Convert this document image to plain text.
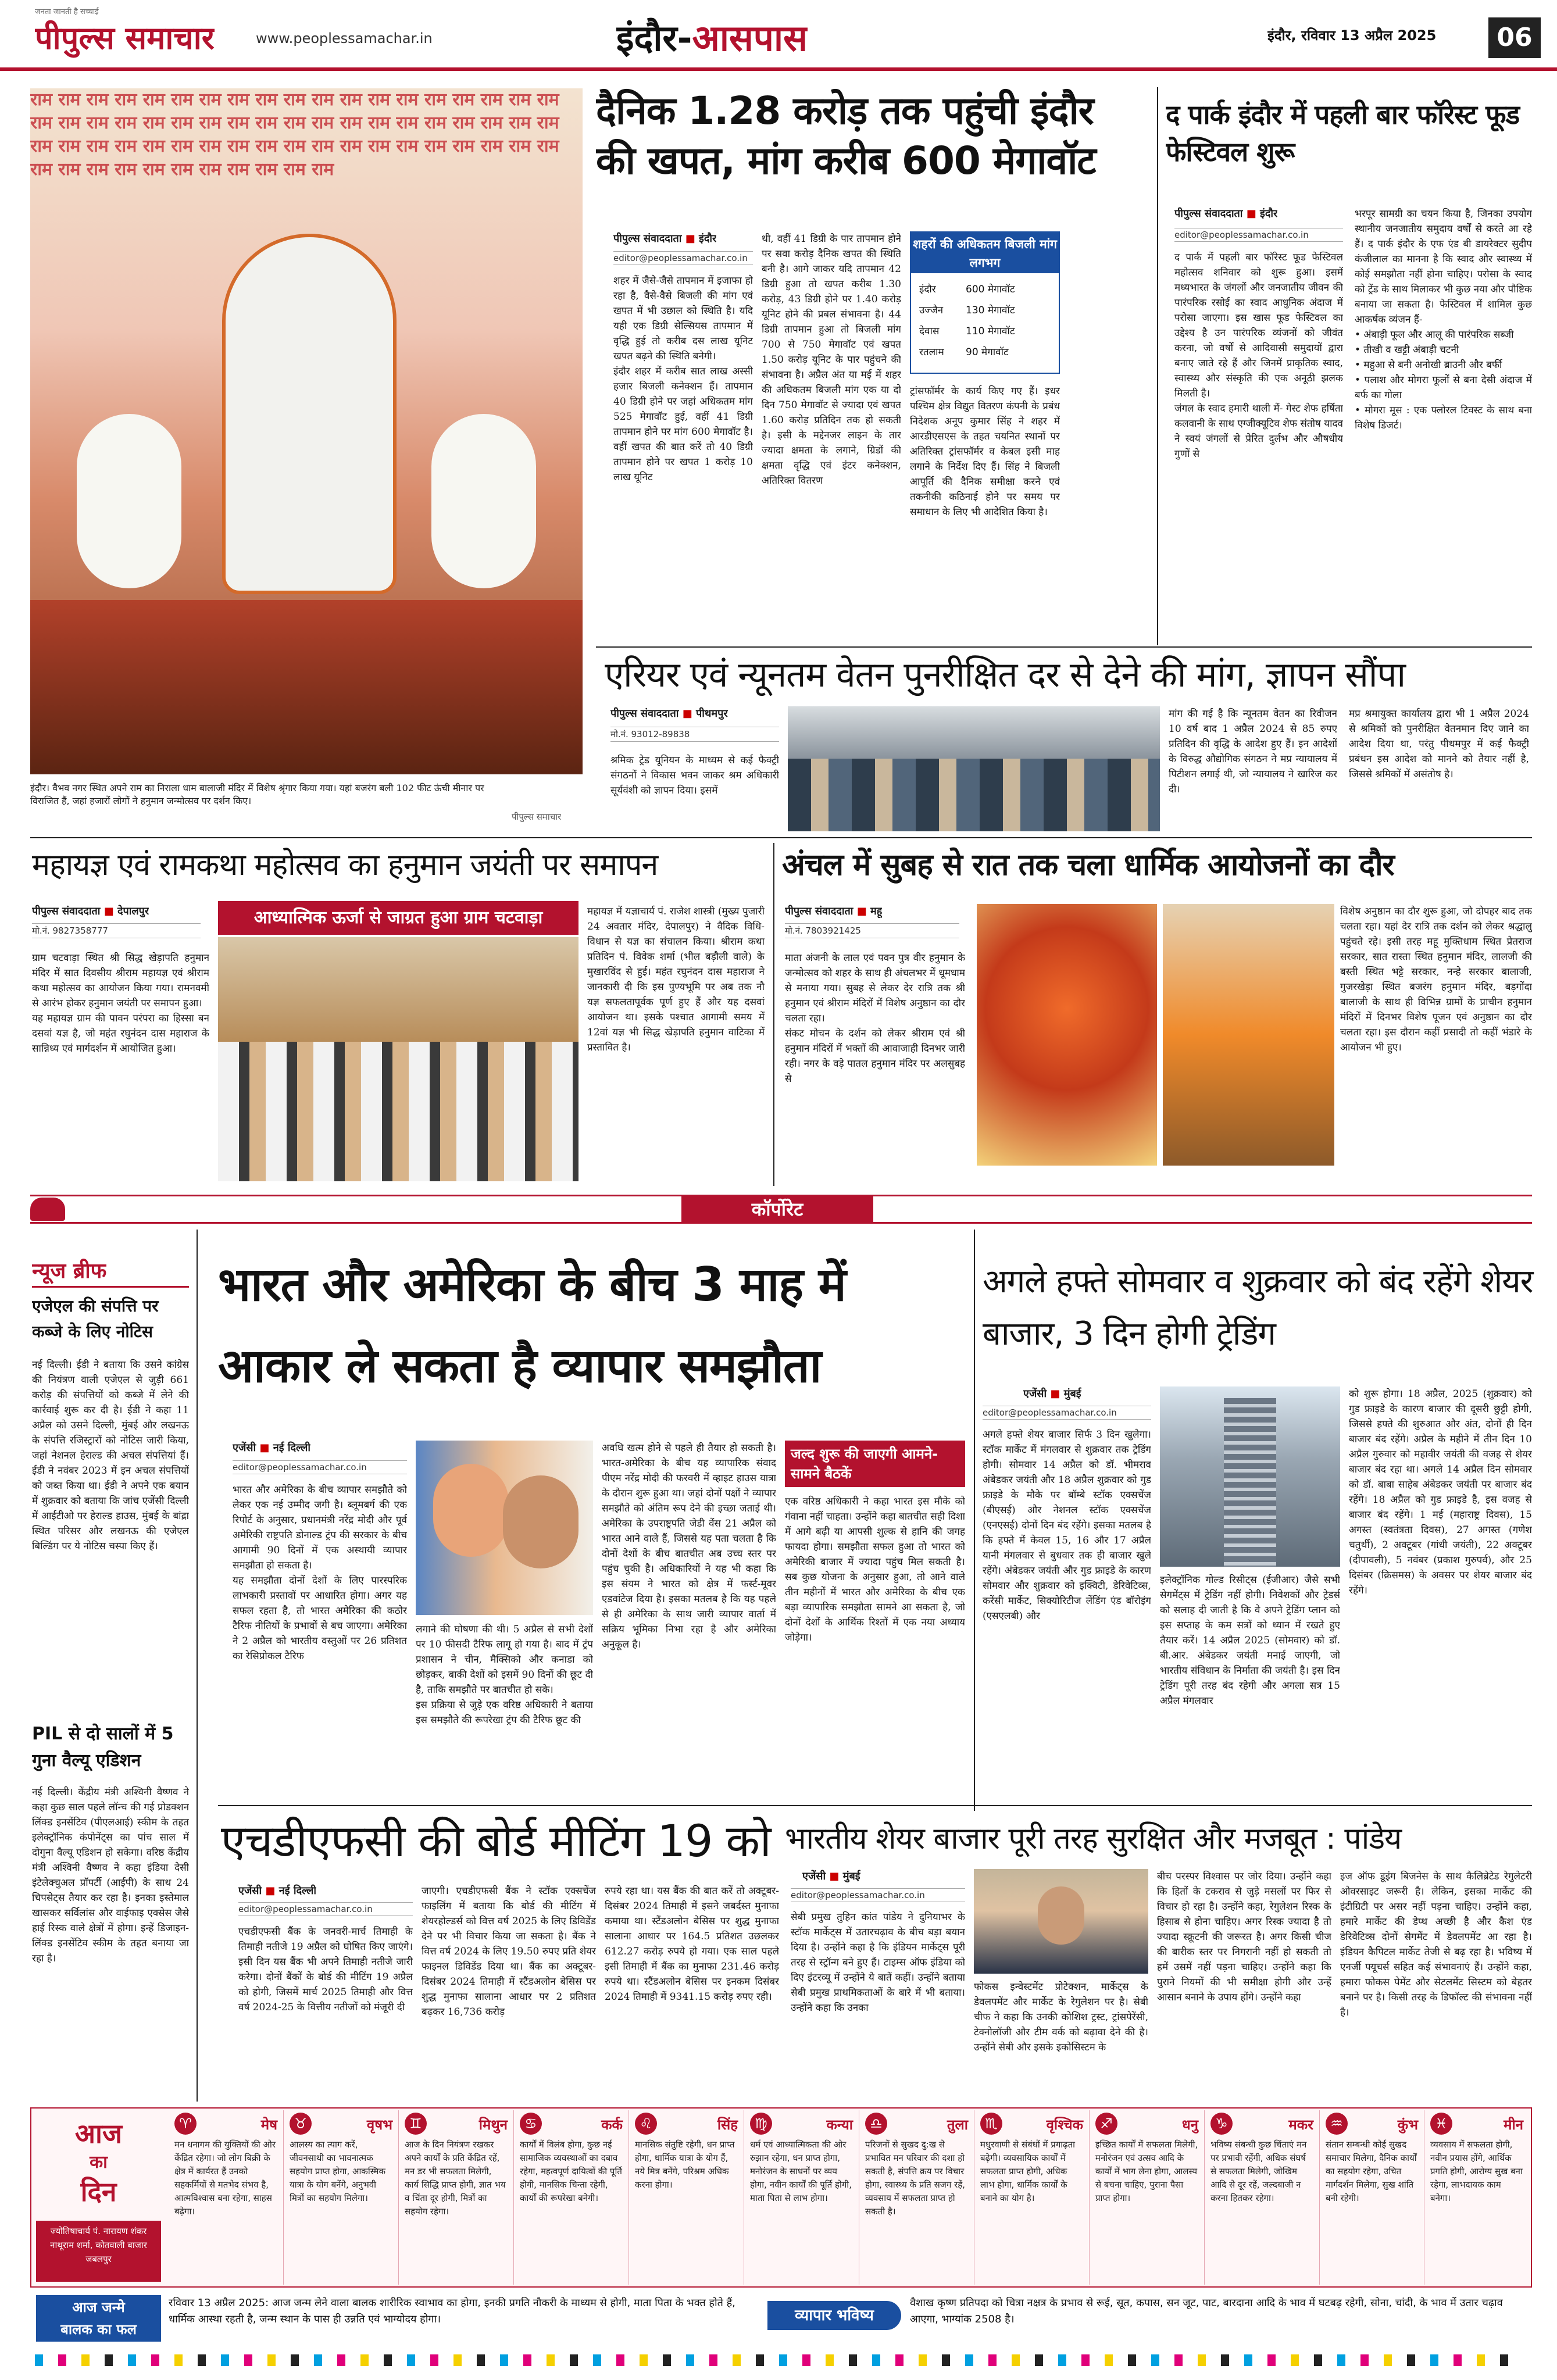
जनता जानती है सच्चाई
पीपुल्स समाचार	www.peoplessamachar.in	इंदौर-आसपास	इंदौर, रविवार 13 अप्रैल 2025	06
राम राम राम राम राम राम राम राम राम राम राम राम राम राम राम राम राम राम राम राम राम राम राम राम राम राम राम राम राम राम राम राम राम राम राम राम राम राम राम राम राम राम राम राम राम राम राम राम राम राम राम राम राम राम राम राम राम राम राम राम राम राम राम राम राम राम राम राम
इंदौर। वैभव नगर स्थित अपने राम का निराला धाम बालाजी मंदिर में विशेष श्रृंगार किया गया। यहां बजरंग बली 102 फीट ऊंची मीनार पर विराजित हैं, जहां हजारों लोगों ने हनुमान जन्मोत्सव पर दर्शन किए।
पीपुल्स समाचार
दैनिक 1.28 करोड़ तक पहुंची इंदौर की खपत, मांग करीब 600 मेगावॉट
पीपुल्स संवाददाता ■ इंदौर
editor@peoplessamachar.co.in
शहर में जैसे-जैसे तापमान में इजाफा हो रहा है, वैसे-वैसे बिजली की मांग एवं खपत में भी उछाल को स्थिति है। यदि यही एक डिग्री सेल्सियस तापमान में वृद्धि हुई तो करीब दस लाख यूनिट खपत बढ़ने की स्थिति बनेगी।
इंदौर शहर में करीब सात लाख अस्सी हजार बिजली कनेक्शन हैं। तापमान 40 डिग्री होने पर जहां अधिकतम मांग 525 मेगावॉट हुई, वहीं 41 डिग्री तापमान होने पर मांग 600 मेगावॉट है। वहीं खपत की बात करें तो 40 डिग्री तापमान होने पर खपत 1 करोड़ 10 लाख यूनिट
थी, वहीं 41 डिग्री के पार तापमान होने पर सवा करोड़ दैनिक खपत की स्थिति बनी है। आगे जाकर यदि तापमान 42 डिग्री हुआ तो खपत करीब 1.30 करोड़, 43 डिग्री होने पर 1.40 करोड़ यूनिट होने की प्रबल संभावना है। 44 डिग्री तापमान हुआ तो बिजली मांग 700 से 750 मेगावॉट एवं खपत 1.50 करोड़ यूनिट के पार पहुंचने की संभावना है। अप्रैल अंत या मई में शहर की अधिकतम बिजली मांग एक या दो दिन 750 मेगावॉट से ज्यादा एवं खपत 1.60 करोड़ प्रतिदिन तक हो सकती है। इसी के मद्देनजर लाइन के तार ज्यादा क्षमता के लगाने, ग्रिडों की क्षमता वृद्धि एवं इंटर कनेक्शन, अतिरिक्त वितरण
शहरों की अधिकतम बिजली मांग लगभग
इंदौर	600 मेगावॉट
उज्जैन 130 मेगावॉट
देवास	110 मेगावॉट
रतलाम 90 मेगावॉट
ट्रांसफॉर्मर के कार्य किए गए हैं। इधर पश्चिम क्षेत्र विद्युत वितरण कंपनी के प्रबंध निदेशक अनूप कुमार सिंह ने शहर में आरडीएसएस के तहत चयनित स्थानों पर अतिरिक्त ट्रांसफॉर्मर व केबल इसी माह लगाने के निर्देश दिए हैं। सिंह ने बिजली आपूर्ति की दैनिक समीक्षा करने एवं तकनीकी कठिनाई होने पर समय पर समाधान के लिए भी आदेशित किया है।
द पार्क इंदौर में पहली बार फॉरेस्ट फूड फेस्टिवल शुरू
पीपुल्स संवाददाता ■ इंदौर
editor@peoplessamachar.co.in
द पार्क में पहली बार फॉरेस्ट फूड फेस्टिवल महोत्सव शनिवार को शुरू हुआ। इसमें मध्यभारत के जंगलों और जनजातीय जीवन की पारंपरिक रसोई का स्वाद आधुनिक अंदाज में परोसा जाएगा। इस खास फूड फेस्टिवल का उद्देश्य है उन पारंपरिक व्यंजनों को जीवंत करना, जो वर्षों से आदिवासी समुदायों द्वारा बनाए जाते रहे हैं और जिनमें प्राकृतिक स्वाद, स्वास्थ्य और संस्कृति की एक अनूठी झलक मिलती है।
जंगल के स्वाद हमारी थाली में- गेस्ट शेफ हर्षिता कलवानी के साथ एग्जीक्यूटिव शेफ संतोष यादव ने स्वयं जंगलों से प्रेरित दुर्लभ और औषधीय गुणों से
भरपूर सामग्री का चयन किया है, जिनका उपयोग स्थानीय जनजातीय समुदाय वर्षों से करते आ रहे हैं। द पार्क इंदौर के एफ एंड बी डायरेक्टर सुदीप कंजीलाल का मानना है कि स्वाद और स्वास्थ्य में कोई समझौता नहीं होना चाहिए। परोसा के स्वाद को ट्रेंड के साथ मिलाकर भी कुछ नया और पौष्टिक बनाया जा सकता है। फेस्टिवल में शामिल कुछ आकर्षक व्यंजन हैं-
• अंबाड़ी फूल और आलू की पारंपरिक सब्जी
• तीखी व खट्टी अंबाड़ी चटनी
• महुआ से बनी अनोखी ब्राउनी और बर्फी
• पलाश और मोगरा फूलों से बना देसी अंदाज में बर्फ का गोला
• मोगरा मूस : एक फ्लोरल टिवस्ट के साथ बना विशेष डिजर्ट।
एरियर एवं न्यूनतम वेतन पुनरीक्षित दर से देने की मांग, ज्ञापन सौंपा
पीपुल्स संवाददाता ■ पीथमपुर
मो.नं. 93012-89838
श्रमिक ट्रेड यूनियन के माध्यम से कई फैक्ट्री संगठनों ने विकास भवन जाकर श्रम अधिकारी सूर्यवंशी को ज्ञापन दिया। इसमें
मांग की गई है कि न्यूनतम वेतन का रिवीजन 10 वर्ष बाद 1 अप्रैल 2024 से 85 रुपए प्रतिदिन की वृद्धि के आदेश हुए हैं। इन आदेशों के विरुद्ध औद्योगिक संगठन ने मप्र न्यायालय में पिटीशन लगाई थी, जो न्यायालय ने खारिज कर दी।
मप्र श्रमायुक्त कार्यालय द्वारा भी 1 अप्रैल 2024 से श्रमिकों को पुनरीक्षित वेतनमान दिए जाने का आदेश दिया था, परंतु पीथमपुर में कई फैक्ट्री प्रबंधन इस आदेश को मानने को तैयार नहीं है, जिससे श्रमिकों में असंतोष है।
महायज्ञ एवं रामकथा महोत्सव का हनुमान जयंती पर समापन
पीपुल्स संवाददाता ■ देपालपुर
मो.नं. 9827358777
ग्राम चटवाड़ा स्थित श्री सिद्ध खेड़ापति हनुमान मंदिर में सात दिवसीय श्रीराम महायज्ञ एवं श्रीराम कथा महोत्सव का आयोजन किया गया। रामनवमी से आरंभ होकर हनुमान जयंती पर समापन हुआ।
यह महायज्ञ ग्राम की पावन परंपरा का हिस्सा बन दसवां यज्ञ है, जो महंत रघुनंदन दास महाराज के सान्निध्य एवं मार्गदर्शन में आयोजित हुआ।
आध्यात्मिक ऊर्जा से जाग्रत हुआ ग्राम चटवाड़ा	महायज्ञ में यज्ञाचार्य पं. राजेश शास्त्री (मुख्य पुजारी 24 अवतार मंदिर, देपालपुर) ने वैदिक विधि-विधान से यज्ञ का संचालन किया। श्रीराम कथा प्रतिदिन पं. विवेक शर्मा (भील बड़ौली वाले) के मुखारविंद से हुई। महंत रघुनंदन दास महाराज ने जानकारी दी कि इस पुण्यभूमि पर अब तक नौ यज्ञ सफलतापूर्वक पूर्ण हुए हैं और यह दसवां आयोजन था। इसके पश्चात आगामी समय में 12वां यज्ञ भी सिद्ध खेड़ापति हनुमान वाटिका में प्रस्तावित है।
अंचल में सुबह से रात तक चला धार्मिक आयोजनों का दौर
पीपुल्स संवाददाता ■ महू
मो.नं. 7803921425
माता अंजनी के लाल एवं पवन पुत्र वीर हनुमान के जन्मोत्सव को शहर के साथ ही अंचलभर में धूमधाम से मनाया गया। सुबह से लेकर देर रात्रि तक श्री हनुमान एवं श्रीराम मंदिरों में विशेष अनुष्ठान का दौर चलता रहा।
संकट मोचन के दर्शन को लेकर श्रीराम एवं श्री हनुमान मंदिरों में भक्तों की आवाजाही दिनभर जारी रही। नगर के वड़े पातल हनुमान मंदिर पर अलसुबह से
विशेष अनुष्ठान का दौर शुरू हुआ, जो दोपहर बाद तक चलता रहा। यहां देर रात्रि तक दर्शन को लेकर श्रद्धालु पहुंचते रहे। इसी तरह महू मुक्तिधाम स्थित प्रेतराज सरकार, सात रास्ता स्थित हनुमान मंदिर, लालजी की बस्ती स्थित भट्टे सरकार, नन्हे सरकार बालाजी, गुजरखेड़ा स्थित बजरंग हनुमान मंदिर, बड़गोंदा बालाजी के साथ ही विभिन्न ग्रामों के प्राचीन हनुमान मंदिरों में दिनभर विशेष पूजन एवं अनुष्ठान का दौर चलता रहा। इस दौरान कहीं प्रसादी तो कहीं भंडारे के आयोजन भी हुए।
कॉर्पोरेट
न्यूज ब्रीफ
एजेएल की संपत्ति पर कब्जे के लिए नोटिस
नई दिल्ली। ईडी ने बताया कि उसने कांग्रेस की नियंत्रण वाली एजेएल से जुड़ी 661 करोड़ की संपत्तियों को कब्जे में लेने की कार्रवाई शुरू कर दी है। ईडी ने कहा 11 अप्रैल को उसने दिल्ली, मुंबई और लखनऊ के संपत्ति रजिस्ट्रारों को नोटिस जारी किया, जहां नेशनल हेराल्ड की अचल संपत्तियां हैं। ईडी ने नवंबर 2023 में इन अचल संपत्तियों को जब्त किया था। ईडी ने अपने एक बयान में शुक्रवार को बताया कि जांच एजेंसी दिल्ली में आईटीओ पर हेराल्ड हाउस, मुंबई के बांद्रा स्थित परिसर और लखनऊ की एजेएल बिल्डिंग पर ये नोटिस चस्पा किए हैं।
PIL से दो सालों में 5 गुना वैल्यू एडिशन
नई दिल्ली। केंद्रीय मंत्री अश्विनी वैष्णव ने कहा कुछ साल पहले लॉन्च की गई प्रोडक्शन लिंक्ड इनसेंटिव (पीएलआई) स्कीम के तहत इलेक्ट्रॉनिक कंपोनेंट्स का पांच साल में दोगुना वैल्यू एडिशन हो सकेगा। वरिष्ठ केंद्रीय मंत्री अश्विनी वैष्णव ने कहा इंडिया देसी इंटेलेक्चुअल प्रॉपर्टी (आईपी) के साथ 24 चिपसेट्स तैयार कर रहा है। इनका इस्तेमाल खासकर सर्विलांस और वाईफाइ एक्सेस जैसे हाई रिस्क वाले क्षेत्रों में होगा। इन्हें डिजाइन-लिंक्ड इनसेंटिव स्कीम के तहत बनाया जा रहा है।
भारत और अमेरिका के बीच 3 माह में आकार ले सकता है व्यापार समझौता
एजेंसी ■ नई दिल्ली
editor@peoplessamachar.co.in
भारत और अमेरिका के बीच व्यापार समझौते को लेकर एक नई उम्मीद जगी है। ब्लूमबर्ग की एक रिपोर्ट के अनुसार, प्रधानमंत्री नरेंद्र मोदी और पूर्व अमेरिकी राष्ट्रपति डोनाल्ड ट्रंप की सरकार के बीच आगामी 90 दिनों में एक अस्थायी व्यापार समझौता हो सकता है।
यह समझौता दोनों देशों के लिए पारस्परिक लाभकारी प्रस्तावों पर आधारित होगा। अगर यह सफल रहता है, तो भारत अमेरिका की कठोर टैरिफ नीतियों के प्रभावों से बच जाएगा। अमेरिका ने 2 अप्रैल को भारतीय वस्तुओं पर 26 प्रतिशत का रेसिप्रोकल टैरिफ
लगाने की घोषणा की थी। 5 अप्रैल से सभी देशों पर 10 फीसदी टैरिफ लागू हो गया है। बाद में ट्रंप प्रशासन ने चीन, मैक्सिको और कनाडा को छोड़कर, बाकी देशों को इसमें 90 दिनों की छूट दी है, ताकि समझौते पर बातचीत हो सके।
इस प्रक्रिया से जुड़े एक वरिष्ठ अधिकारी ने बताया इस समझौते की रूपरेखा ट्रंप की टैरिफ छूट की
अवधि खत्म होने से पहले ही तैयार हो सकती है। भारत-अमेरिका के बीच यह व्यापारिक संवाद पीएम नरेंद्र मोदी की फरवरी में व्हाइट हाउस यात्रा के दौरान शुरू हुआ था। जहां दोनों पक्षों ने व्यापार समझौते को अंतिम रूप देने की इच्छा जताई थी। अमेरिका के उपराष्ट्रपति जेडी वेंस 21 अप्रैल को भारत आने वाले हैं, जिससे यह पता चलता है कि दोनों देशों के बीच बातचीत अब उच्च स्तर पर पहुंच चुकी है। अधिकारियों ने यह भी कहा कि इस संयम ने भारत को क्षेत्र में फर्स्ट-मूवर एडवांटेज दिया है। इसका मतलब है कि यह पहले से ही अमेरिका के साथ जारी व्यापार वार्ता में सक्रिय भूमिका निभा रहा है और अमेरिका अनुकूल है।
जल्द शुरू की जाएगी आमने-सामने बैठकें
एक वरिष्ठ अधिकारी ने कहा भारत इस मौके को गंवाना नहीं चाहता। उन्होंने कहा बातचीत सही दिशा में आगे बढ़ी या आपसी शुल्क से हानि की जगह फायदा होगा। समझौता सफल हुआ तो भारत को अमेरिकी बाजार में ज्यादा पहुंच मिल सकती है। सब कुछ योजना के अनुसार हुआ, तो आने वाले तीन महीनों में भारत और अमेरिका के बीच एक बड़ा व्यापारिक समझौता सामने आ सकता है, जो दोनों देशों के आर्थिक रिश्तों में एक नया अध्याय जोड़ेगा।
अगले हफ्ते सोमवार व शुक्रवार को बंद रहेंगे शेयर बाजार, 3 दिन होगी ट्रेडिंग
एजेंसी ■ मुंबई
editor@peoplessamachar.co.in
अगले हफ्ते शेयर बाजार सिर्फ 3 दिन खुलेगा। स्टॉक मार्केट में मंगलवार से शुक्रवार तक ट्रेडिंग होगी। सोमवार 14 अप्रैल को डॉ. भीमराव अंबेडकर जयंती और 18 अप्रैल शुक्रवार को गुड फ्राइडे के मौके पर बॉम्बे स्टॉक एक्सचेंज (बीएसई) और नेशनल स्टॉक एक्सचेंज (एनएसई) दोनों दिन बंद रहेंगे। इसका मतलब है कि हफ्ते में केवल 15, 16 और 17 अप्रैल यानी मंगलवार से बुधवार तक ही बाजार खुले रहेंगे। अंबेडकर जयंती और गुड फ्राइडे के कारण सोमवार और शुक्रवार को इक्विटी, डेरिवेटिव्स, करेंसी मार्केट, सिक्योरिटीज लेंडिंग एंड बॉरोइंग (एसएलबी) और
इलेक्ट्रॉनिक गोल्ड रिसीट्स (ईजीआर) जैसे सभी सेगमेंट्स में ट्रेडिंग नहीं होगी। निवेशकों और ट्रेडर्स को सलाह दी जाती है कि वे अपने ट्रेडिंग प्लान को इस सप्ताह के कम सत्रों को ध्यान में रखते हुए तैयार करें। 14 अप्रैल 2025 (सोमवार) को डॉ. बी.आर. अंबेडकर जयंती मनाई जाएगी, जो भारतीय संविधान के निर्माता की जयंती है। इस दिन ट्रेडिंग पूरी तरह बंद रहेगी और अगला सत्र 15 अप्रैल मंगलवार
को शुरू होगा। 18 अप्रैल, 2025 (शुक्रवार) को गुड फ्राइडे के कारण बाजार की दूसरी छुट्टी होगी, जिससे हफ्ते की शुरुआत और अंत, दोनों ही दिन बाजार बंद रहेंगे। अप्रैल के महीने में तीन दिन 10 अप्रैल गुरुवार को महावीर जयंती की वजह से शेयर बाजार बंद रहा था। अगले 14 अप्रैल दिन सोमवार को डॉ. बाबा साहेब अंबेडकर जयंती पर बाजार बंद रहेंगे। 18 अप्रैल को गुड फ्राइडे है, इस वजह से बाजार बंद रहेंगे। 1 मई (महाराष्ट्र दिवस), 15 अगस्त (स्वतंत्रता दिवस), 27 अगस्त (गणेश चतुर्थी), 2 अक्टूबर (गांधी जयंती), 22 अक्टूबर (दीपावली), 5 नवंबर (प्रकाश गुरुपर्व), और 25 दिसंबर (क्रिसमस) के अवसर पर शेयर बाजार बंद रहेंगे।
एचडीएफसी की बोर्ड मीटिंग 19 को
एजेंसी ■ नई दिल्ली
editor@peoplessamachar.co.in
एचडीएफसी बैंक के जनवरी-मार्च तिमाही के तिमाही नतीजे 19 अप्रैल को घोषित किए जाएंगे। इसी दिन यस बैंक भी अपने तिमाही नतीजे जारी करेगा। दोनों बैंकों के बोर्ड की मीटिंग 19 अप्रैल को होगी, जिसमें मार्च 2025 तिमाही और वित्त वर्ष 2024-25 के वित्तीय नतीजों को मंजूरी दी
जाएगी। एचडीएफसी बैंक ने स्टॉक एक्सचेंज फाइलिंग में बताया कि बोर्ड की मीटिंग में शेयरहोल्डर्स को वित्त वर्ष 2025 के लिए डिविडेंड देने पर भी विचार किया जा सकता है। बैंक ने वित्त वर्ष 2024 के लिए 19.50 रुपए प्रति शेयर फाइनल डिविडेंड दिया था। बैंक का अक्टूबर-दिसंबर 2024 तिमाही में स्टैंडअलोन बेसिस पर शुद्ध मुनाफा सालाना आधार पर 2 प्रतिशत बढ़कर 16,736 करोड़
रुपये रहा था। यस बैंक की बात करें तो अक्टूबर-दिसंबर 2024 तिमाही में इसने जबर्दस्त मुनाफा कमाया था। स्टैंडअलोन बेसिस पर शुद्ध मुनाफा सालाना आधार पर 164.5 प्रतिशत उछलकर 612.27 करोड़ रुपये हो गया। एक साल पहले इसी तिमाही में बैंक का मुनाफा 231.46 करोड़ रुपये था। स्टैंडअलोन बेसिस पर इनकम दिसंबर 2024 तिमाही में 9341.15 करोड़ रुपए रही।
भारतीय शेयर बाजार पूरी तरह सुरक्षित और मजबूत : पांडेय
एजेंसी ■ मुंबई
editor@peoplessamachar.co.in
सेबी प्रमुख तुहिन कांत पांडेय ने दुनियाभर के स्टॉक मार्केट्स में उतारचढ़ाव के बीच बड़ा बयान दिया है। उन्होंने कहा है कि इंडियन मार्केट्स पूरी तरह से स्ट्रॉन्ग बने हुए हैं। टाइम्स ऑफ इंडिया को दिए इंटरव्यू में उन्होंने ये बातें कहीं। उन्होंने बताया सेबी प्रमुख प्राथमिकताओं के बारे में भी बताया। उन्होंने कहा कि उनका
फोकस इन्वेस्टमेंट प्रोटेक्शन, मार्केट्स के डेवलपमेंट और मार्केट के रेगुलेशन पर है। सेबी चीफ ने कहा कि उनकी कोशिश ट्रस्ट, ट्रांसपेरेंसी, टेक्नोलॉजी और टीम वर्क को बढ़ावा देने की है। उन्होंने सेबी और इसके इकोसिस्टम के
बीच परस्पर विश्वास पर जोर दिया। उन्होंने कहा कि हितों के टकराव से जुड़े मसलों पर फिर से विचार हो रहा है। उन्होंने कहा, रेगुलेशन रिस्क के हिसाब से होना चाहिए। अगर रिस्क ज्यादा है तो ज्यादा स्क्रूटनी की जरूरत है। अगर किसी चीज की बारीक स्तर पर निगरानी नहीं हो सकती तो हमें उसमें नहीं पड़ना चाहिए। उन्होंने कहा कि पुराने नियमों की भी समीक्षा होगी और उन्हें आसान बनाने के उपाय होंगे। उन्होंने कहा
इज ऑफ डूइंग बिजनेस के साथ कैलिब्रेटेड रेगुलेटरी ओवरसाइट जरूरी है। लेकिन, इसका मार्केट की इंटीग्रिटी पर असर नहीं पड़ना चाहिए। उन्होंने कहा, हमारे मार्केट की डेप्थ अच्छी है और कैश एंड डेरिवेटिव्स दोनों सेगमेंट में डेवलपमेंट आ रहा है। इंडियन कैपिटल मार्केट तेजी से बढ़ रहा है। भविष्य में एनर्जी फ्यूचर्स सहित कई संभावनाएं हैं। उन्होंने कहा, हमारा फोकस पेमेंट और सेटलमेंट सिस्टम को बेहतर बनाने पर है। किसी तरह के डिफॉल्ट की संभावना नहीं है।
आज
का
दिन
ज्योतिषाचार्य पं. नारायण शंकर नाथूराम शर्मा, कोतवाली बाजार जबलपुर
♈	मेष
मन धनागम की युक्तियों की ओर केंद्रित रहेगा। जो लोग बिक्री के क्षेत्र में कार्यरत हैं उनको सहकर्मियों से मतभेद संभव है, आत्मविश्वास बना रहेगा, साहस बढ़ेगा।
♉	वृषभ
आलस्य का त्याग करें, जीवनसाथी का भावनात्मक सहयोग प्राप्त होगा, आकस्मिक यात्रा के योग बनेंगे, अनुभवी मित्रों का सहयोग मिलेगा।
♊	मिथुन
आज के दिन नियंत्रण रखकर अपने कार्यों के प्रति केंद्रित रहें, मन डर भी सफलता मिलेगी, कार्य सिद्धि प्राप्त होगी, ज्ञात भय व चिंता दूर होगी, मित्रों का सहयोग रहेगा।
♋	कर्क
कार्यों में विलंब होगा, कुछ नई सामाजिक व्यवस्थाओं का दबाव रहेगा, महत्वपूर्ण दायित्वों की पूर्ति होगी, मानसिक चिन्ता रहेगी, कार्यों की रूपरेखा बनेगी।
♌	सिंह
मानसिक संतुष्टि रहेगी, धन प्राप्त होगा, धार्मिक यात्रा के योग हैं, नये मित्र बनेंगे, परिश्रम अधिक करना होगा।
♍	कन्या
धर्म एवं आध्यात्मिकता की ओर रुझान रहेगा, धन प्राप्त होगा, मनोरंजन के साधनों पर व्यय होगा, नवीन कार्यों की पूर्ति होगी, माता पिता से लाभ होगा।
♎	तुला
परिजनों से सुखद दु:ख से प्रभावित मन परिवार की दशा हो सकती है, संपत्ति क्रय पर विचार होगा, स्वास्थ्य के प्रति सजग रहें, व्यवसाय में सफलता प्राप्त हो सकती है।
♏	वृश्चिक
मधुरवाणी से संबंधों में प्रगाढ़ता बढ़ेगी। व्यवसायिक कार्यों में सफलता प्राप्त होगी, अधिक लाभ होगा, धार्मिक कार्यों के बनाने का योग है।
♐	धनु
इच्छित कार्यों में सफलता मिलेगी, मनोरंजन एवं उत्सव आदि के कार्यों में भाग लेना होगा, आलस्य से बचना चाहिए, पुराना पैसा प्राप्त होगा।
♑	मकर
भविष्य संबन्धी कुछ चिंताएं मन पर प्रभावी रहेंगी, अधिक संघर्ष से सफलता मिलेगी, जोखिम आदि से दूर रहें, जल्दबाजी न करना हितकर रहेगा।
♒	कुंभ
संतान सम्बन्धी कोई सुखद समाचार मिलेगा, दैनिक कार्यों का सहयोग रहेगा, उचित मार्गदर्शन मिलेगा, सुख शांति बनी रहेगी।
♓	मीन
व्यवसाय में सफलता होगी, नवीन प्रयास होंगे, आर्थिक प्रगति होगी, आरोग्य सुख बना रहेगा, लाभदायक काम बनेगा।
आज जन्मे
बालक का फल
रविवार 13 अप्रैल 2025: आज जन्म लेने वाला बालक शारीरिक स्वाभाव का होगा, इनकी प्रगति नौकरी के माध्यम से होगी, माता पिता के भक्त होते हैं, धार्मिक आस्था रहती है, जन्म स्थान के पास ही उन्नति एवं भाग्योदय होगा।	व्यापार भविष्य
वैशाख कृष्ण प्रतिपदा को चित्रा नक्षत्र के प्रभाव से रूई, सूत, कपास, सन जूट, पाट, बारदाना आदि के भाव में घटबढ़ रहेगी, सोना, चांदी, के भाव में उतार चढ़ाव आएगा, भाग्यांक 2508 है।
